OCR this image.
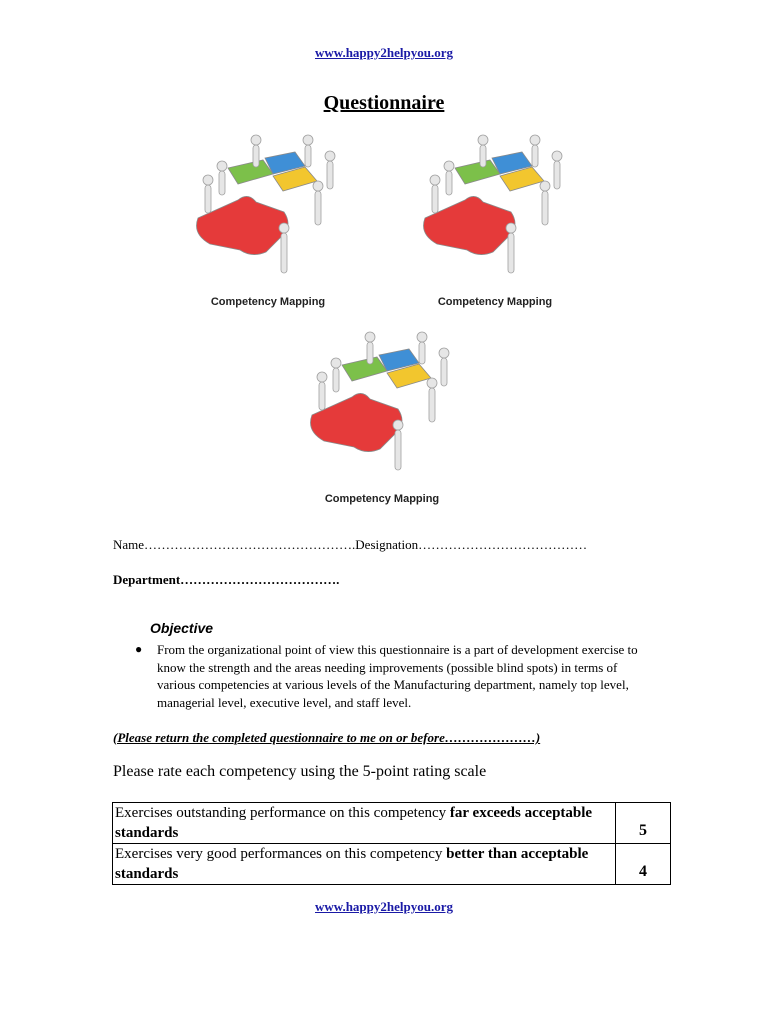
www.happy2helpyou.org
Questionnaire
Competency Mapping	Competency Mapping
Competency Mapping
Name………………………………………….Designation…………………………………
Department……………………………….
Objective
● From the organizational point of view this questionnaire is a part of development exercise to know the strength and the areas needing improvements (possible blind spots) in terms of various competencies at various levels of the Manufacturing department, namely top level, managerial level, executive level, and staff level.
(Please return the completed questionnaire to me on or before…………………)
Please rate each competency using the 5-point rating scale
Exercises outstanding performance on this competency far exceeds acceptable standards	5
Exercises very good performances on this competency better than acceptable standards	4
www.happy2helpyou.org
